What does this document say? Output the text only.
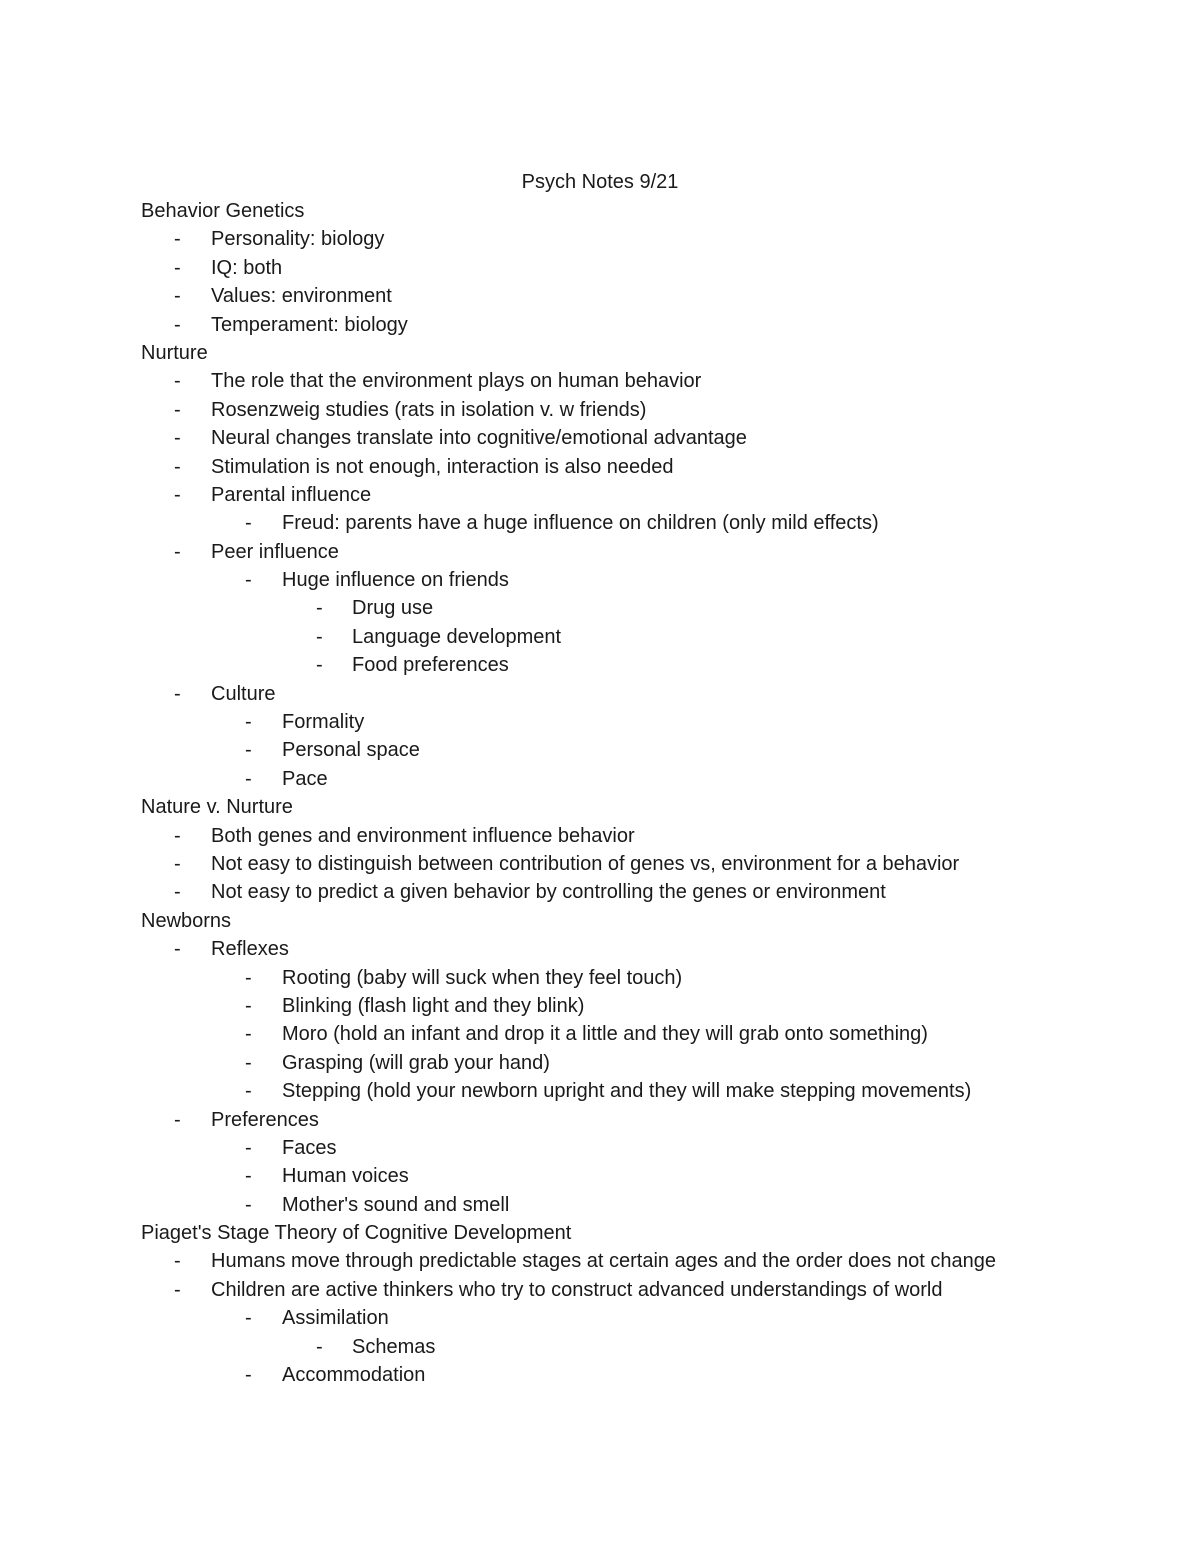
Psych Notes 9/21
Behavior Genetics
- Personality: biology
- IQ: both
- Values: environment
- Temperament: biology
Nurture
- The role that the environment plays on human behavior
- Rosenzweig studies (rats in isolation v. w friends)
- Neural changes translate into cognitive/emotional advantage
- Stimulation is not enough, interaction is also needed
- Parental influence
- Freud: parents have a huge influence on children (only mild effects)
- Peer influence
- Huge influence on friends
- Drug use
- Language development
- Food preferences
- Culture
- Formality
- Personal space
- Pace
Nature v. Nurture
- Both genes and environment influence behavior
- Not easy to distinguish between contribution of genes vs, environment for a behavior
- Not easy to predict a given behavior by controlling the genes or environment
Newborns
- Reflexes
- Rooting (baby will suck when they feel touch)
- Blinking (flash light and they blink)
- Moro (hold an infant and drop it a little and they will grab onto something)
- Grasping (will grab your hand)
- Stepping (hold your newborn upright and they will make stepping movements)
- Preferences
- Faces
- Human voices
- Mother's sound and smell
Piaget's Stage Theory of Cognitive Development
- Humans move through predictable stages at certain ages and the order does not change
- Children are active thinkers who try to construct advanced understandings of world
- Assimilation
- Schemas
- Accommodation
